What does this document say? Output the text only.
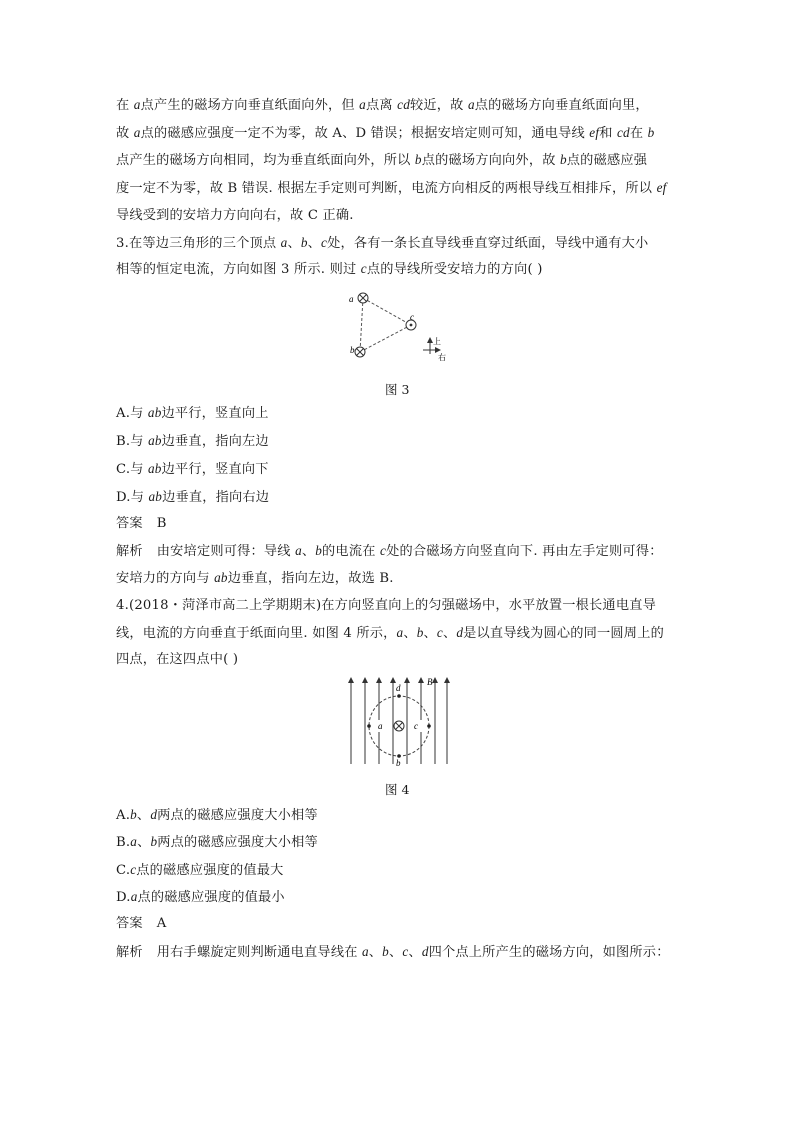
在 a点产生的磁场方向垂直纸面向外，但 a点离 cd较近，故 a点的磁场方向垂直纸面向里，
故 a点的磁感应强度一定不为零，故 A、D 错误；根据安培定则可知，通电导线 ef和 cd在 b
点产生的磁场方向相同，均为垂直纸面向外，所以 b点的磁场方向向外，故 b点的磁感应强
度一定不为零，故 B 错误. 根据左手定则可判断，电流方向相反的两根导线互相排斥，所以 ef
导线受到的安培力方向向右，故 C 正确.
3.在等边三角形的三个顶点 a、b、c处，各有一条长直导线垂直穿过纸面，导线中通有大小
相等的恒定电流，方向如图 3 所示. 则过 c点的导线所受安培力的方向( )
a
b
c
上
右
图 3
A.与 ab边平行，竖直向上
B.与 ab边垂直，指向左边
C.与 ab边平行，竖直向下
D.与 ab边垂直，指向右边
答案 B
解析 由安培定则可得：导线 a、b的电流在 c处的合磁场方向竖直向下. 再由左手定则可得：
安培力的方向与 ab边垂直，指向左边，故选 B.
4.(2018・菏泽市高二上学期期末)在方向竖直向上的匀强磁场中，水平放置一根长通电直导
线，电流的方向垂直于纸面向里. 如图 4 所示，a、b、c、d是以直导线为圆心的同一圆周上的
四点，在这四点中( )
d
b
a	c
B
图 4
A.b、d两点的磁感应强度大小相等
B.a、b两点的磁感应强度大小相等
C.c点的磁感应强度的值最大
D.a点的磁感应强度的值最小
答案 A
解析 用右手螺旋定则判断通电直导线在 a、b、c、d四个点上所产生的磁场方向，如图所示：
